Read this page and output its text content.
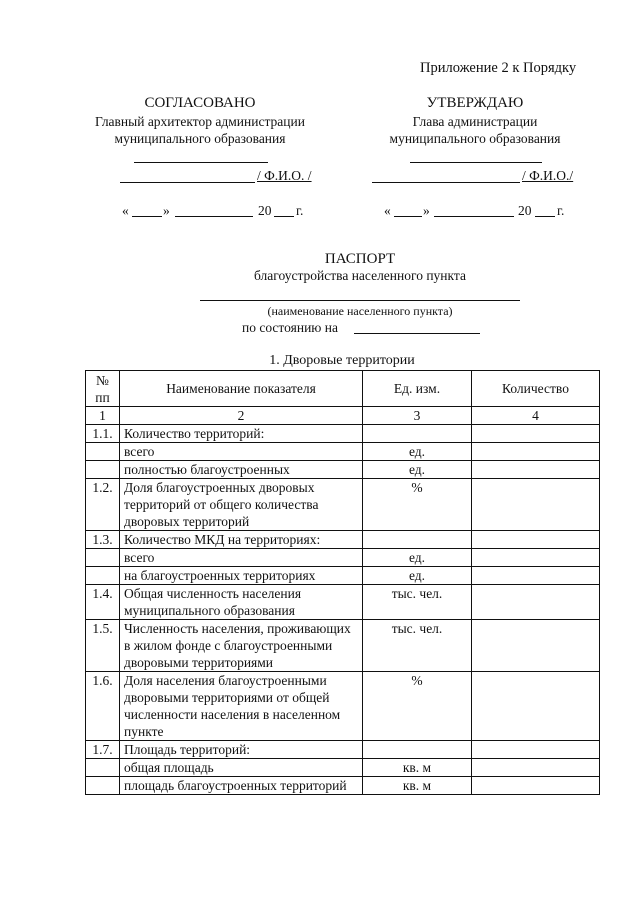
Приложение 2 к Порядку
СОГЛАСОВАНО
Главный архитектор администрации
муниципального образования
/ Ф.И.О. /
«	»	20 г.
УТВЕРЖДАЮ
Глава администрации
муниципального образования
/ Ф.И.О./
« »	20 г.
ПАСПОРТ
благоустройства населенного пункта
(наименование населенного пункта)
по состоянию на
1. Дворовые территории
№ пп	Наименование показателя	Ед. изм.	Количество
1	2	3	4
1.1.	Количество территорий:		
	всего	ед.	
	полностью благоустроенных	ед.	
1.2.	Доля благоустроенных дворовых территорий от общего количества дворовых территорий	%	
1.3.	Количество МКД на территориях:		
	всего	ед.	
	на благоустроенных территориях	ед.	
1.4.	Общая численность населения муниципального образования	тыс. чел.	
1.5.	Численность населения, проживающих в жилом фонде с благоустроенными дворовыми территориями	тыс. чел.	
1.6.	Доля населения благоустроенными дворовыми территориями от общей численности населения в населенном пункте	%	
1.7.	Площадь территорий:		
	общая площадь	кв. м	
	площадь благоустроенных территорий	кв. м	
